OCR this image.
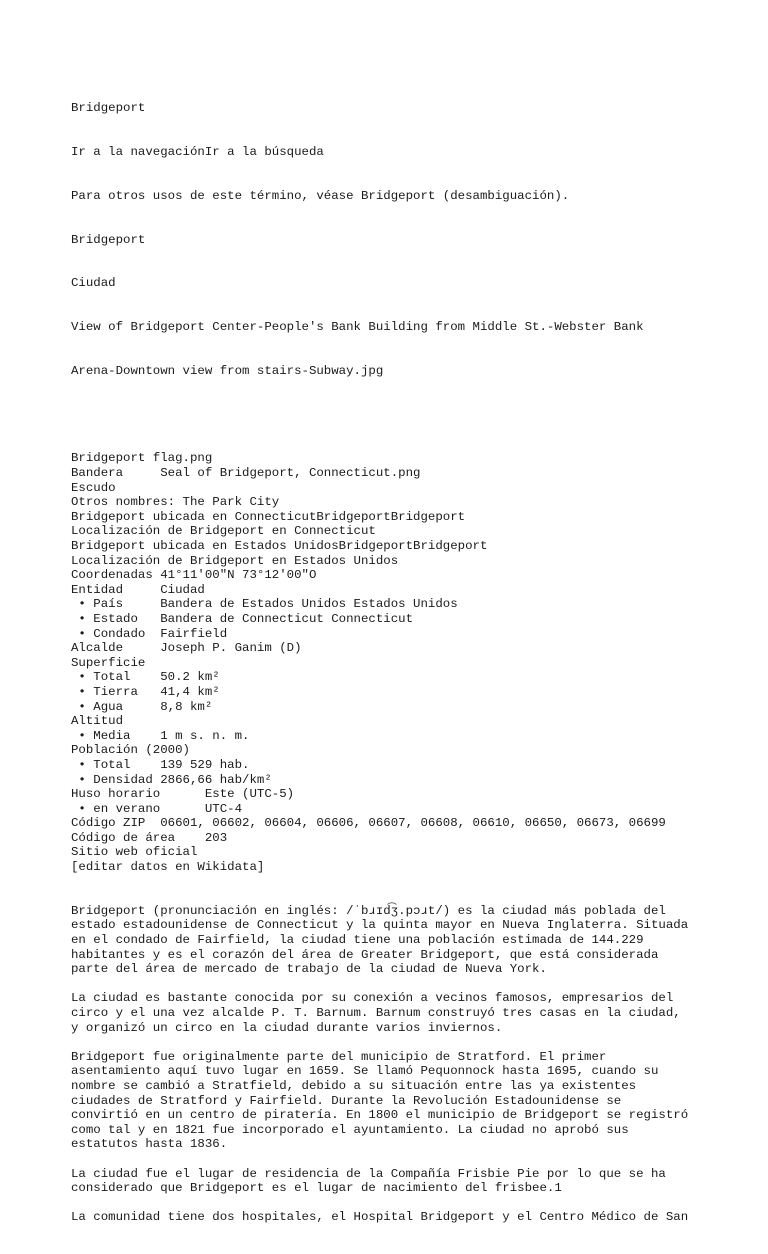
Bridgeport

Ir a la navegaciónIr a la búsqueda

Para otros usos de este término, véase Bridgeport (desambiguación).

Bridgeport

Ciudad

View of Bridgeport Center-People's Bank Building from Middle St.-Webster Bank

Arena-Downtown view from stairs-Subway.jpg

Bridgeport flag.png
Bandera     Seal of Bridgeport, Connecticut.png
Escudo
Otros nombres: The Park City
Bridgeport ubicada en ConnecticutBridgeportBridgeport
Localización de Bridgeport en Connecticut
Bridgeport ubicada en Estados UnidosBridgeportBridgeport
Localización de Bridgeport en Estados Unidos
Coordenadas 41°11′00″N 73°12′00″O
Entidad     Ciudad
• País     Bandera de Estados Unidos Estados Unidos
• Estado   Bandera de Connecticut Connecticut
• Condado  Fairfield
Alcalde     Joseph P. Ganim (D)
Superficie
• Total    50.2 km²
• Tierra   41,4 km²
• Agua     8,8 km²
Altitud
• Media    1 m s. n. m.
Población (2000)
• Total    139 529 hab.
• Densidad 2866,66 hab/km²
Huso horario      Este (UTC-5)
• en verano      UTC-4
Código ZIP  06601, 06602, 06604, 06606, 06607, 06608, 06610, 06650, 06673, 06699
Código de área    203
Sitio web oficial
[editar datos en Wikidata]

Bridgeport (pronunciación en inglés: /ˈbɹɪd͡ʒ.pɔɹt/) es la ciudad más poblada del
estado estadounidense de Connecticut y la quinta mayor en Nueva Inglaterra. Situada
en el condado de Fairfield, la ciudad tiene una población estimada de 144.229
habitantes y es el corazón del área de Greater Bridgeport, que está considerada
parte del área de mercado de trabajo de la ciudad de Nueva York.
La ciudad es bastante conocida por su conexión a vecinos famosos, empresarios del
circo y el una vez alcalde P. T. Barnum. Barnum construyó tres casas en la ciudad,
y organizó un circo en la ciudad durante varios inviernos.
Bridgeport fue originalmente parte del municipio de Stratford. El primer
asentamiento aquí tuvo lugar en 1659. Se llamó Pequonnock hasta 1695, cuando su
nombre se cambió a Stratfield, debido a su situación entre las ya existentes
ciudades de Stratford y Fairfield. Durante la Revolución Estadounidense se
convirtió en un centro de piratería. En 1800 el municipio de Bridgeport se registró
como tal y en 1821 fue incorporado el ayuntamiento. La ciudad no aprobó sus
estatutos hasta 1836.
La ciudad fue el lugar de residencia de la Compañía Frisbie Pie por lo que se ha
considerado que Bridgeport es el lugar de nacimiento del frisbee.1
La comunidad tiene dos hospitales, el Hospital Bridgeport y el Centro Médico de San
